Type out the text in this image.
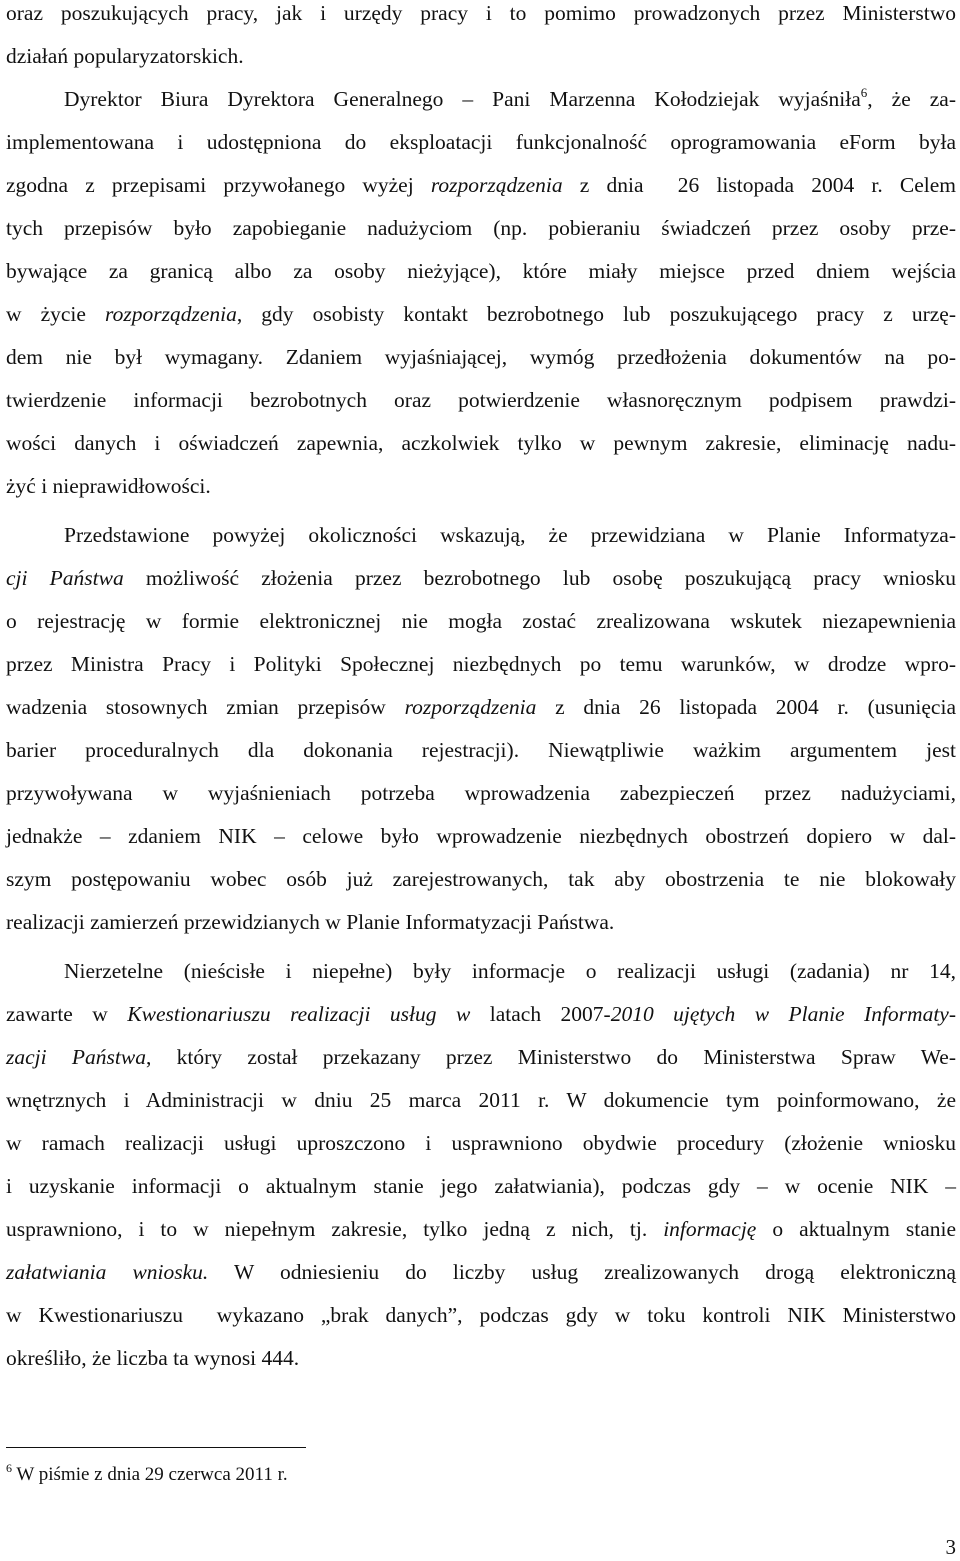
oraz poszukujących pracy, jak i urzędy pracy i to pomimo prowadzonych przez Ministerstwo
działań popularyzatorskich.
Dyrektor Biura Dyrektora Generalnego – Pani Marzenna Kołodziejak wyjaśniła$^6$, że za-
implementowana i udostępniona do eksploatacji funkcjonalność oprogramowania eForm była
zgodna z przepisami przywołanego wyżej rozporządzenia z dnia  26 listopada 2004 r. Celem
tych przepisów było zapobieganie nadużyciom (np. pobieraniu świadczeń przez osoby prze-
bywające za granicą albo za osoby nieżyjące), które miały miejsce przed dniem wejścia
w życie rozporządzenia, gdy osobisty kontakt bezrobotnego lub poszukującego pracy z urzę-
dem nie był wymagany. Zdaniem wyjaśniającej, wymóg przedłożenia dokumentów na po-
twierdzenie informacji bezrobotnych oraz potwierdzenie własnoręcznym podpisem prawdzi-
wości danych i oświadczeń zapewnia, aczkolwiek tylko w pewnym zakresie, eliminację nadu-
żyć i nieprawidłowości.
Przedstawione powyżej okoliczności wskazują, że przewidziana w Planie Informatyza-
cji Państwa możliwość złożenia przez bezrobotnego lub osobę poszukującą pracy wniosku
o rejestrację w formie elektronicznej nie mogła zostać zrealizowana wskutek niezapewnienia
przez Ministra Pracy i Polityki Społecznej niezbędnych po temu warunków, w drodze wpro-
wadzenia stosownych zmian przepisów rozporządzenia z dnia 26 listopada 2004 r. (usunięcia
barier proceduralnych dla dokonania rejestracji). Niewątpliwie ważkim argumentem jest
przywoływana w wyjaśnieniach potrzeba wprowadzenia zabezpieczeń przez nadużyciami,
jednakże – zdaniem NIK – celowe było wprowadzenie niezbędnych obostrzeń dopiero w dal-
szym postępowaniu wobec osób już zarejestrowanych, tak aby obostrzenia te nie blokowały
realizacji zamierzeń przewidzianych w Planie Informatyzacji Państwa.
Nierzetelne (nieścisłe i niepełne) były informacje o realizacji usługi (zadania) nr 14,
zawarte w Kwestionariuszu realizacji usług w latach 2007-2010 ujętych w Planie Informaty-
zacji Państwa, który został przekazany przez Ministerstwo do Ministerstwa Spraw We-
wnętrznych i Administracji w dniu 25 marca 2011 r. W dokumencie tym poinformowano, że
w ramach realizacji usługi uproszczono i usprawniono obydwie procedury (złożenie wniosku
i uzyskanie informacji o aktualnym stanie jego załatwiania), podczas gdy – w ocenie NIK –
usprawniono, i to w niepełnym zakresie, tylko jedną z nich, tj. informację o aktualnym stanie
załatwiania wniosku. W odniesieniu do liczby usług zrealizowanych drogą elektroniczną
w Kwestionariuszu  wykazano „brak danych”, podczas gdy w toku kontroli NIK Ministerstwo
określiło, że liczba ta wynosi 444.
$^6$ W piśmie z dnia 29 czerwca 2011 r.
3
